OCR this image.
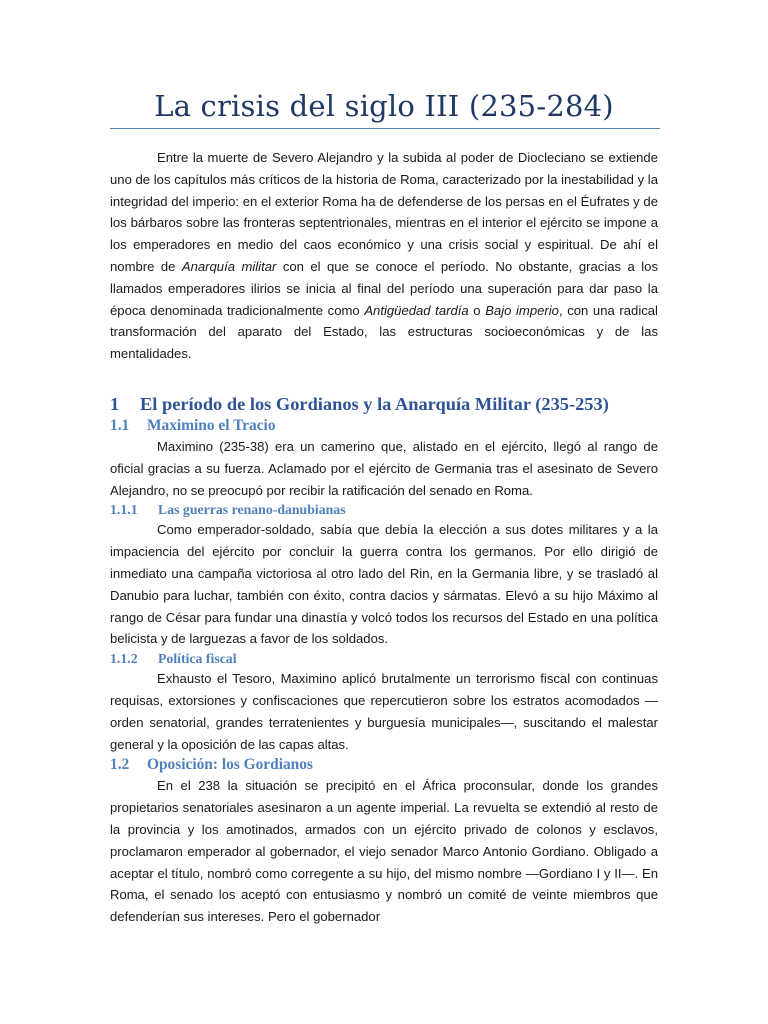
La crisis del siglo III (235-284)

Entre la muerte de Severo Alejandro y la subida al poder de Diocleciano se extiende uno de los capítulos más críticos de la historia de Roma, caracterizado por la inestabilidad y la integridad del imperio: en el exterior Roma ha de defenderse de los persas en el Éufrates y de los bárbaros sobre las fronteras septentrionales, mientras en el interior el ejército se impone a los emperadores en medio del caos económico y una crisis social y espiritual. De ahí el nombre de Anarquía militar con el que se conoce el período. No obstante, gracias a los llamados emperadores ilirios se inicia al final del período una superación para dar paso la época denominada tradicionalmente como Antigüedad tardía o Bajo imperio, con una radical transformación del aparato del Estado, las estructuras socioeconómicas y de las mentalidades.

1 El período de los Gordianos y la Anarquía Militar (235-253)
1.1 Maximino el Tracio

Maximino (235-38) era un camerino que, alistado en el ejército, llegó al rango de oficial gracias a su fuerza. Aclamado por el ejército de Germania tras el asesinato de Severo Alejandro, no se preocupó por recibir la ratificación del senado en Roma.

1.1.1 Las guerras renano-danubianas

Como emperador-soldado, sabía que debía la elección a sus dotes militares y a la impaciencia del ejército por concluir la guerra contra los germanos. Por ello dirigió de inmediato una campaña victoriosa al otro lado del Rin, en la Germania libre, y se trasladó al Danubio para luchar, también con éxito, contra dacios y sármatas. Elevó a su hijo Máximo al rango de César para fundar una dinastía y volcó todos los recursos del Estado en una política belicista y de larguezas a favor de los soldados.

1.1.2 Política fiscal

Exhausto el Tesoro, Maximino aplicó brutalmente un terrorismo fiscal con continuas requisas, extorsiones y confiscaciones que repercutieron sobre los estratos acomodados —orden senatorial, grandes terratenientes y burguesía municipales—, suscitando el malestar general y la oposición de las capas altas.

1.2 Oposición: los Gordianos

En el 238 la situación se precipitó en el África proconsular, donde los grandes propietarios senatoriales asesinaron a un agente imperial. La revuelta se extendió al resto de la provincia y los amotinados, armados con un ejército privado de colonos y esclavos, proclamaron emperador al gobernador, el viejo senador Marco Antonio Gordiano. Obligado a aceptar el título, nombró como corregente a su hijo, del mismo nombre —Gordiano I y II—. En Roma, el senado los aceptó con entusiasmo y nombró un comité de veinte miembros que defenderían sus intereses. Pero el gobernador
